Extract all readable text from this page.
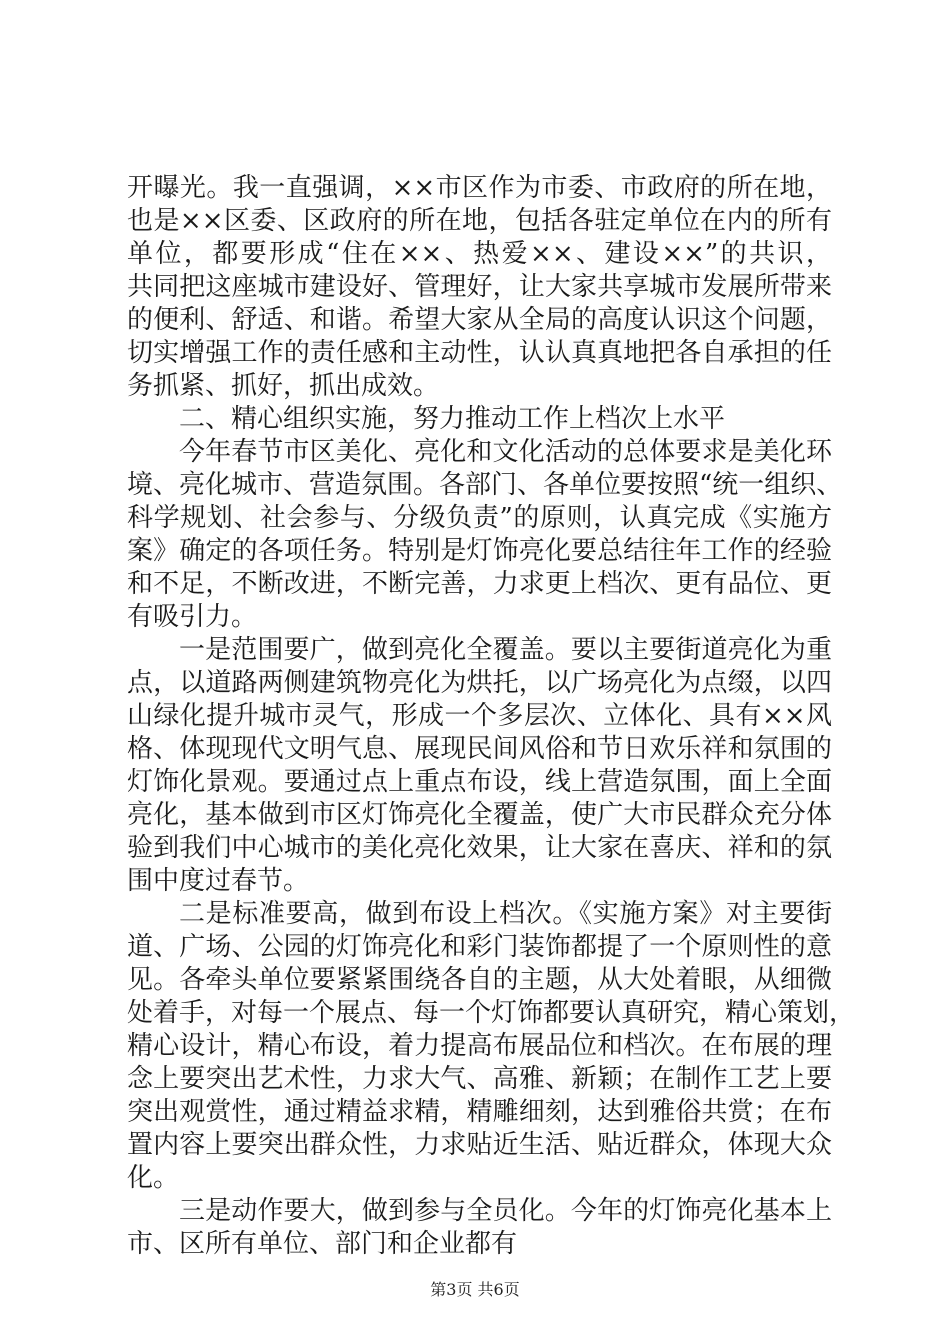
开曝光。我一直强调，××市区作为市委、市政府的所在地，
也是××区委、区政府的所在地，包括各驻定单位在内的所有
单位，都要形成“住在××、热爱××、建设××”的共识，
共同把这座城市建设好、管理好，让大家共享城市发展所带来
的便利、舒适、和谐。希望大家从全局的高度认识这个问题，
切实增强工作的责任感和主动性，认认真真地把各自承担的任
务抓紧、抓好，抓出成效。
二、精心组织实施，努力推动工作上档次上水平
今年春节市区美化、亮化和文化活动的总体要求是美化环
境、亮化城市、营造氛围。各部门、各单位要按照“统一组织、
科学规划、社会参与、分级负责”的原则，认真完成《实施方
案》确定的各项任务。特别是灯饰亮化要总结往年工作的经验
和不足，不断改进，不断完善，力求更上档次、更有品位、更
有吸引力。
一是范围要广，做到亮化全覆盖。要以主要街道亮化为重
点，以道路两侧建筑物亮化为烘托，以广场亮化为点缀，以四
山绿化提升城市灵气，形成一个多层次、立体化、具有××风
格、体现现代文明气息、展现民间风俗和节日欢乐祥和氛围的
灯饰化景观。要通过点上重点布设，线上营造氛围，面上全面
亮化，基本做到市区灯饰亮化全覆盖，使广大市民群众充分体
验到我们中心城市的美化亮化效果，让大家在喜庆、祥和的氛
围中度过春节。
二是标准要高，做到布设上档次。《实施方案》对主要街
道、广场、公园的灯饰亮化和彩门装饰都提了一个原则性的意
见。各牵头单位要紧紧围绕各自的主题，从大处着眼，从细微
处着手，对每一个展点、每一个灯饰都要认真研究，精心策划，
精心设计，精心布设，着力提高布展品位和档次。在布展的理
念上要突出艺术性，力求大气、高雅、新颖；在制作工艺上要
突出观赏性，通过精益求精，精雕细刻，达到雅俗共赏；在布
置内容上要突出群众性，力求贴近生活、贴近群众，体现大众
化。
三是动作要大，做到参与全员化。今年的灯饰亮化基本上
市、区所有单位、部门和企业都有
第3页 共6页
